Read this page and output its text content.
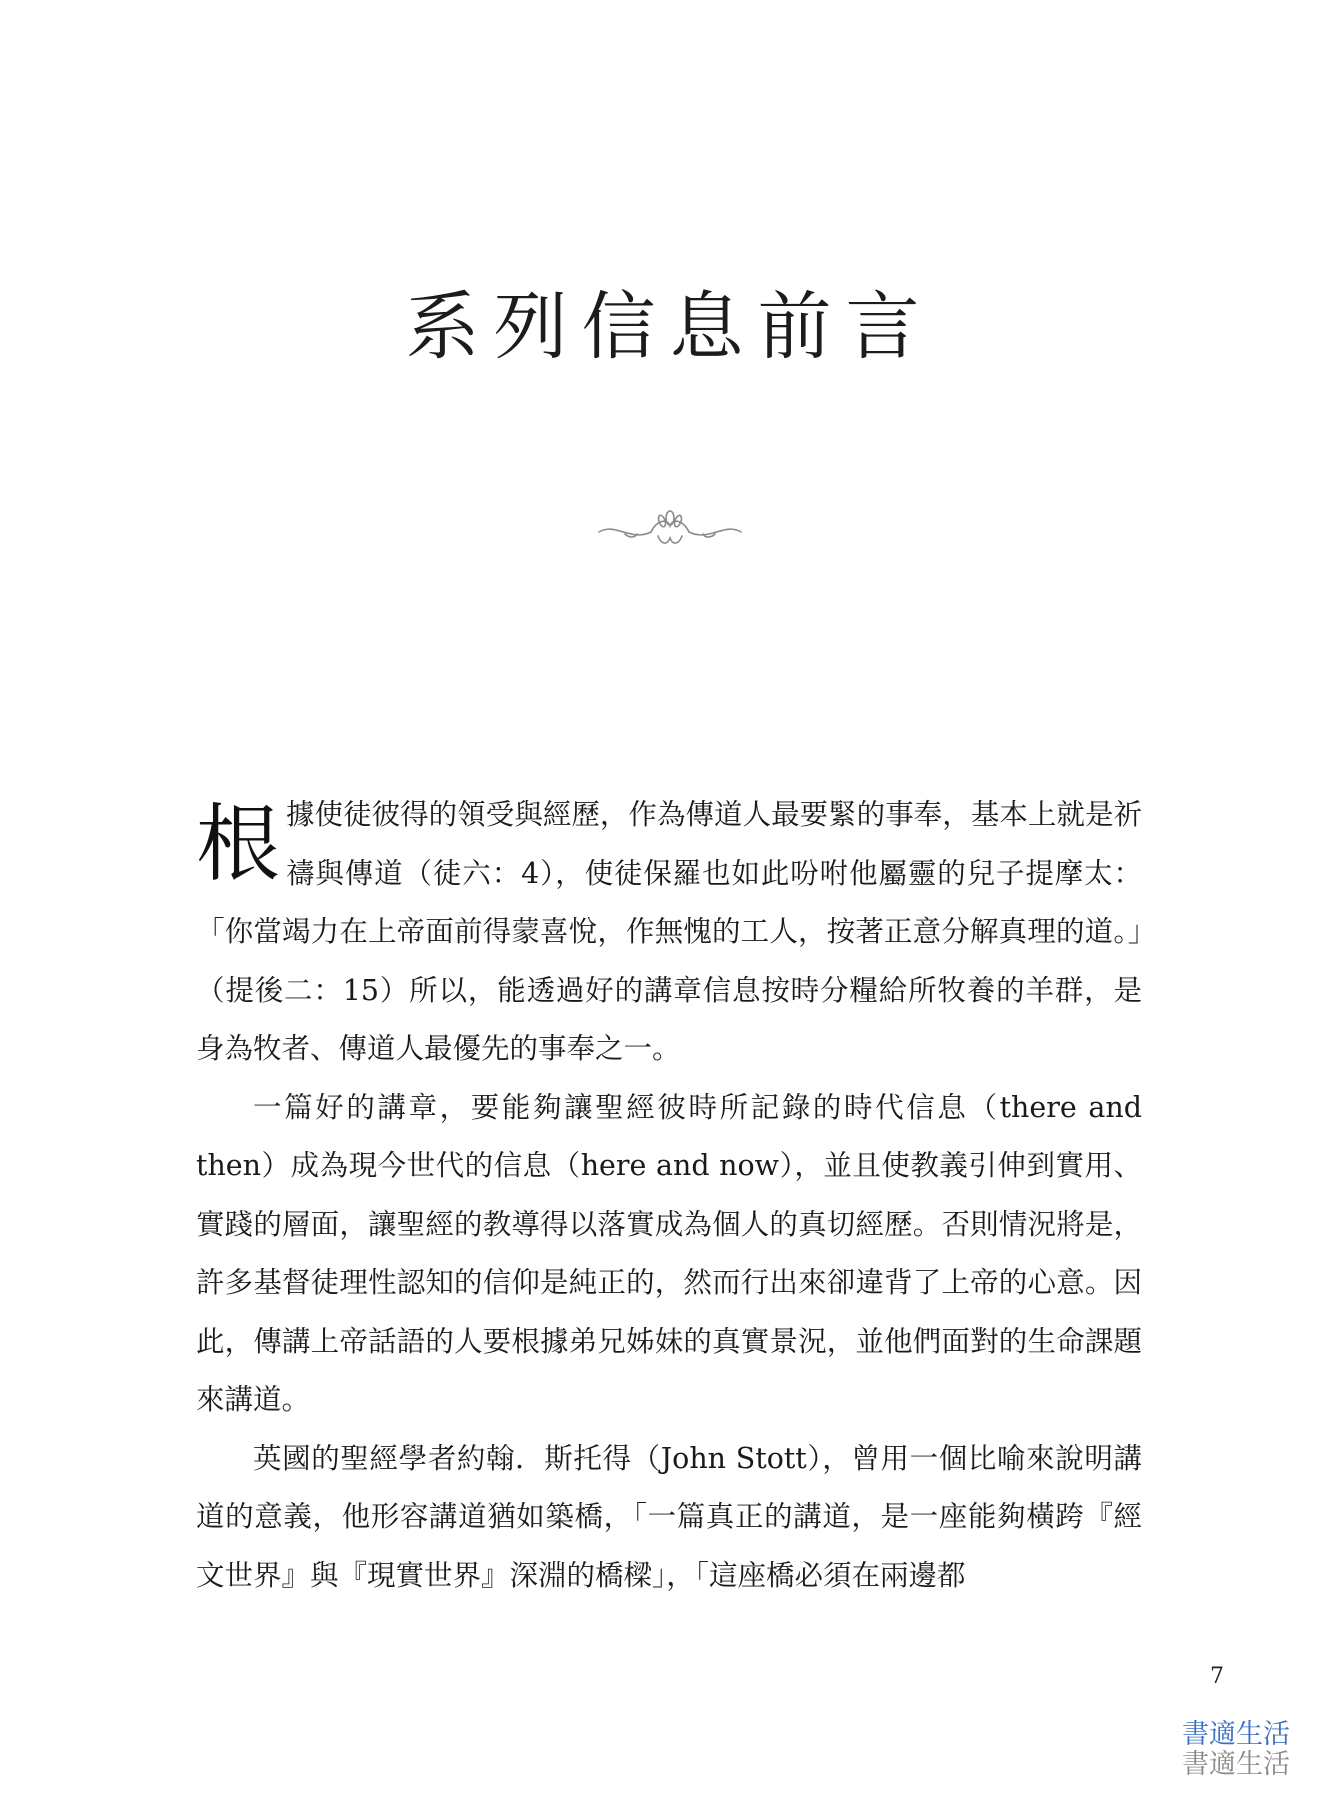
系列信息前言

根據使徒彼得的領受與經歷，作為傳道人最要緊的事奉，基本上就是祈禱與傳道（徒六：4），使徒保羅也如此吩咐他屬靈的兒子提摩太：「你當竭力在上帝面前得蒙喜悅，作無愧的工人，按著正意分解真理的道。」（提後二：15）所以，能透過好的講章信息按時分糧給所牧養的羊群，是身為牧者、傳道人最優先的事奉之一。

一篇好的講章，要能夠讓聖經彼時所記錄的時代信息（there and then）成為現今世代的信息（here and now），並且使教義引伸到實用、實踐的層面，讓聖經的教導得以落實成為個人的真切經歷。否則情況將是，許多基督徒理性認知的信仰是純正的，然而行出來卻違背了上帝的心意。因此，傳講上帝話語的人要根據弟兄姊妹的真實景況，並他們面對的生命課題來講道。

英國的聖經學者約翰．斯托得（John Stott），曾用一個比喻來說明講道的意義，他形容講道猶如築橋，「一篇真正的講道，是一座能夠橫跨『經文世界』與『現實世界』深淵的橋樑」，「這座橋必須在兩邊都

7
書適生活
書適生活
